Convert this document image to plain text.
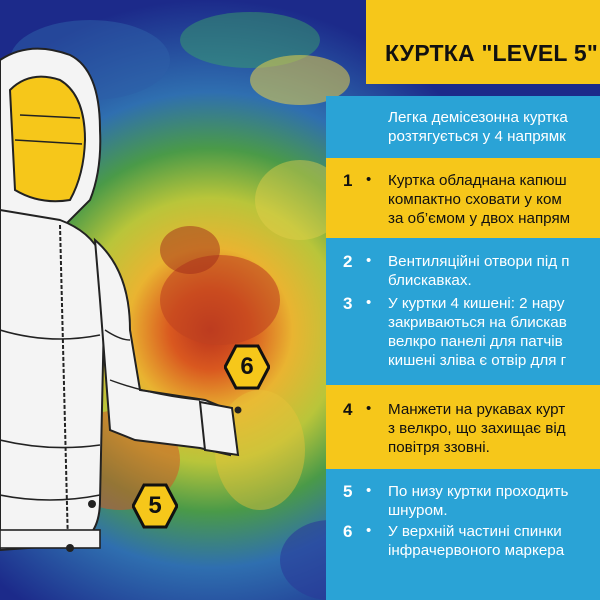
6
5
КУРТКА "LEVEL 5"
Легка демісезонна куртка
розтягується у 4 напрямк
1 • Куртка обладнана капюш
компактно сховати у ком
за об’ємом у двох напрям
2 • Вентиляційні отвори під п
блискавках.
3 • У куртки 4 кишені: 2 нару
закриваються на блискав
велкро панелі для патчів
кишені зліва є отвір для г
4 • Манжети на рукавах курт
з велкро, що захищає від
повітря ззовні.
5 • По низу куртки проходить
шнуром.
6 • У верхній частині спинки
інфрачервоного маркера
